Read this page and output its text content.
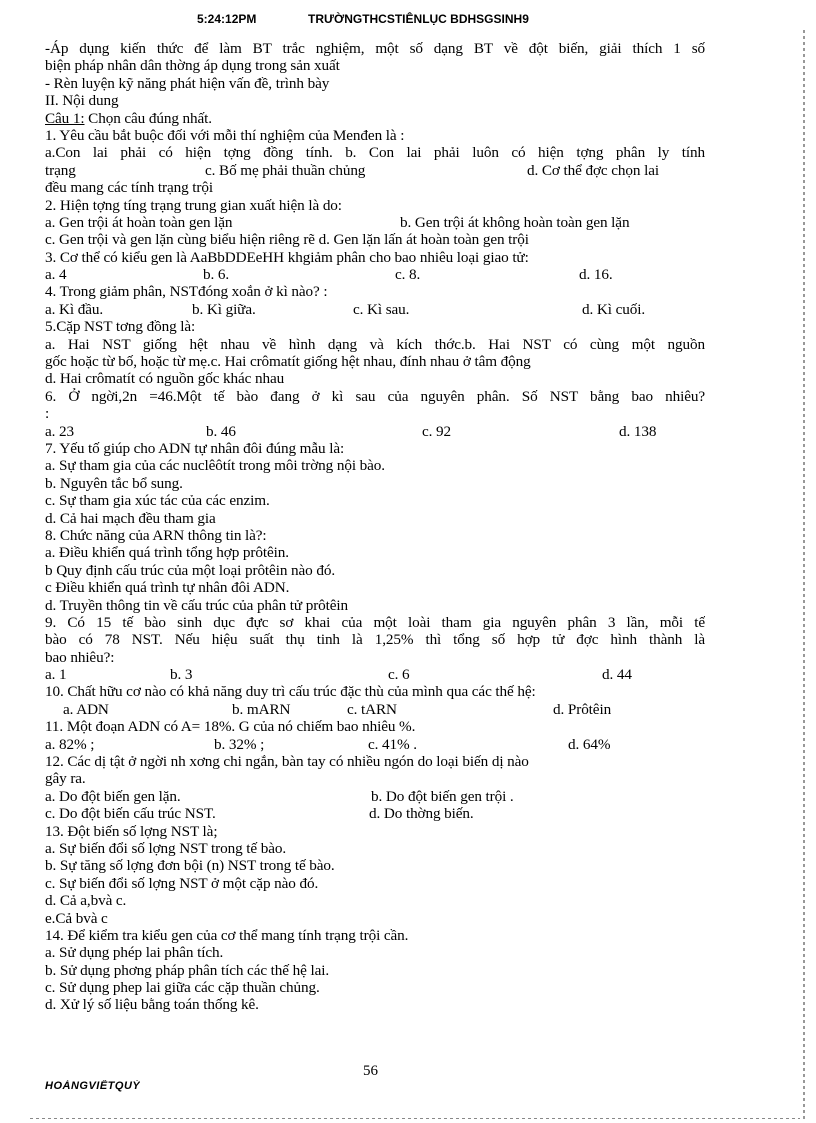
5:24:12PM	TRƯỜNGTHCSTIÊNLỤC BDHSGSINH9
-Áp dụng kiến thức để làm BT trắc nghiệm, một số dạng BT về đột biến, giải thích 1 số
biện pháp nhân dân thờng áp dụng trong sản xuất
- Rèn luyện kỹ năng phát hiện vấn đề, trình bày
II. Nội dung
Câu 1: Chọn câu đúng nhất.
1. Yêu cầu bắt buộc đối với mỗi thí nghiệm của Menđen là :
a.Con lai phải có hiện tợng đồng tính. b. Con lai phải luôn có hiện tợng phân ly tính
trạng	c. Bố mẹ phải thuần chủng	d. Cơ thể đợc chọn lai
đều mang các tính trạng trội
2. Hiện tợng tíng trạng trung gian xuất hiện là do:
a. Gen trội át hoàn toàn gen lặn	b. Gen trội át không hoàn toàn gen lặn
c. Gen trội và gen lặn cùng biểu hiện riêng rẽ d. Gen lặn lấn át hoàn toàn gen trội
3. Cơ thể có kiểu gen là AaBbDDEeHH khgiảm phân cho bao nhiêu loại giao tử:
a. 4	b. 6.	c. 8.	d. 16.
4. Trong giảm phân, NSTđóng xoắn ở kì nào? :
a. Kì đầu.	b. Kì giữa.	c. Kì sau.	d. Kì cuối.
5.Cặp NST tơng đồng là:
a. Hai NST giống hệt nhau về hình dạng và kích thớc.b. Hai NST có cùng một nguồn
gốc hoặc từ bố, hoặc từ mẹ.c. Hai crômatít giống hệt nhau, đính nhau ở tâm động
d. Hai crômatít có nguồn gốc khác nhau
6. Ở ngời,2n =46.Một tế bào đang ở kì sau của nguyên phân. Số NST bằng bao nhiêu?
:
a. 23	b. 46	c. 92	d. 138
7. Yếu tố giúp cho ADN tự nhân đôi đúng mẫu là:
a. Sự tham gia của các nuclêôtít trong môi trờng nội bào.
b. Nguyên tắc bổ sung.
c. Sự tham gia xúc tác của các enzim.
d. Cả hai mạch đều tham gia
8. Chức năng của ARN thông tin là?:
a. Điều khiển quá trình tổng hợp prôtêin.
b Quy định cấu trúc của một loại prôtêin nào đó.
c Điều khiển quá trình tự nhân đôi ADN.
d. Truyền thông tin về cấu trúc của phân tử prôtêin
9. Có 15 tế bào sinh dục đực sơ khai của một loài tham gia nguyên phân 3 lần, mỗi tế
bào có 78 NST. Nếu hiệu suất thụ tinh là 1,25% thì tổng số hợp tử đợc hình thành là
bao nhiêu?:
a. 1	b. 3	c. 6	d. 44
10. Chất hữu cơ nào có khả năng duy trì cấu trúc đặc thù của mình qua các thế hệ:
a. ADN	b. mARN	c. tARN	d. Prôtêin
11. Một đoạn ADN có A= 18%. G của nó chiếm bao nhiêu %.
a. 82% ;	b. 32% ;	c. 41% .	d. 64%
12. Các dị tật ở ngời nh xơng chi ngắn, bàn tay có nhiều ngón do loại biến dị nào
gây ra.
a. Do đột biến gen lặn.	b. Do đột biến gen trội .
c. Do đột biến cấu trúc NST.	d. Do thờng biến.
13. Đột biến số lợng NST là;
a. Sự biến đổi số lợng NST trong tế bào.
b. Sự tăng số lợng đơn bội (n) NST trong tế bào.
c. Sự biến đổi số lợng NST ở một cặp nào đó.
d. Cả a,bvà c.
e.Cả bvà c
14. Để kiểm tra kiểu gen của cơ thể mang tính trạng trội cần.
a. Sử dụng phép lai phân tích.
b. Sử dụng phơng pháp phân tích các thế hệ lai.
c. Sử dụng phep lai giữa các cặp thuần chủng.
d. Xử lý số liệu bằng toán thống kê.
56
HOÀNGVIẾTQUÝ
